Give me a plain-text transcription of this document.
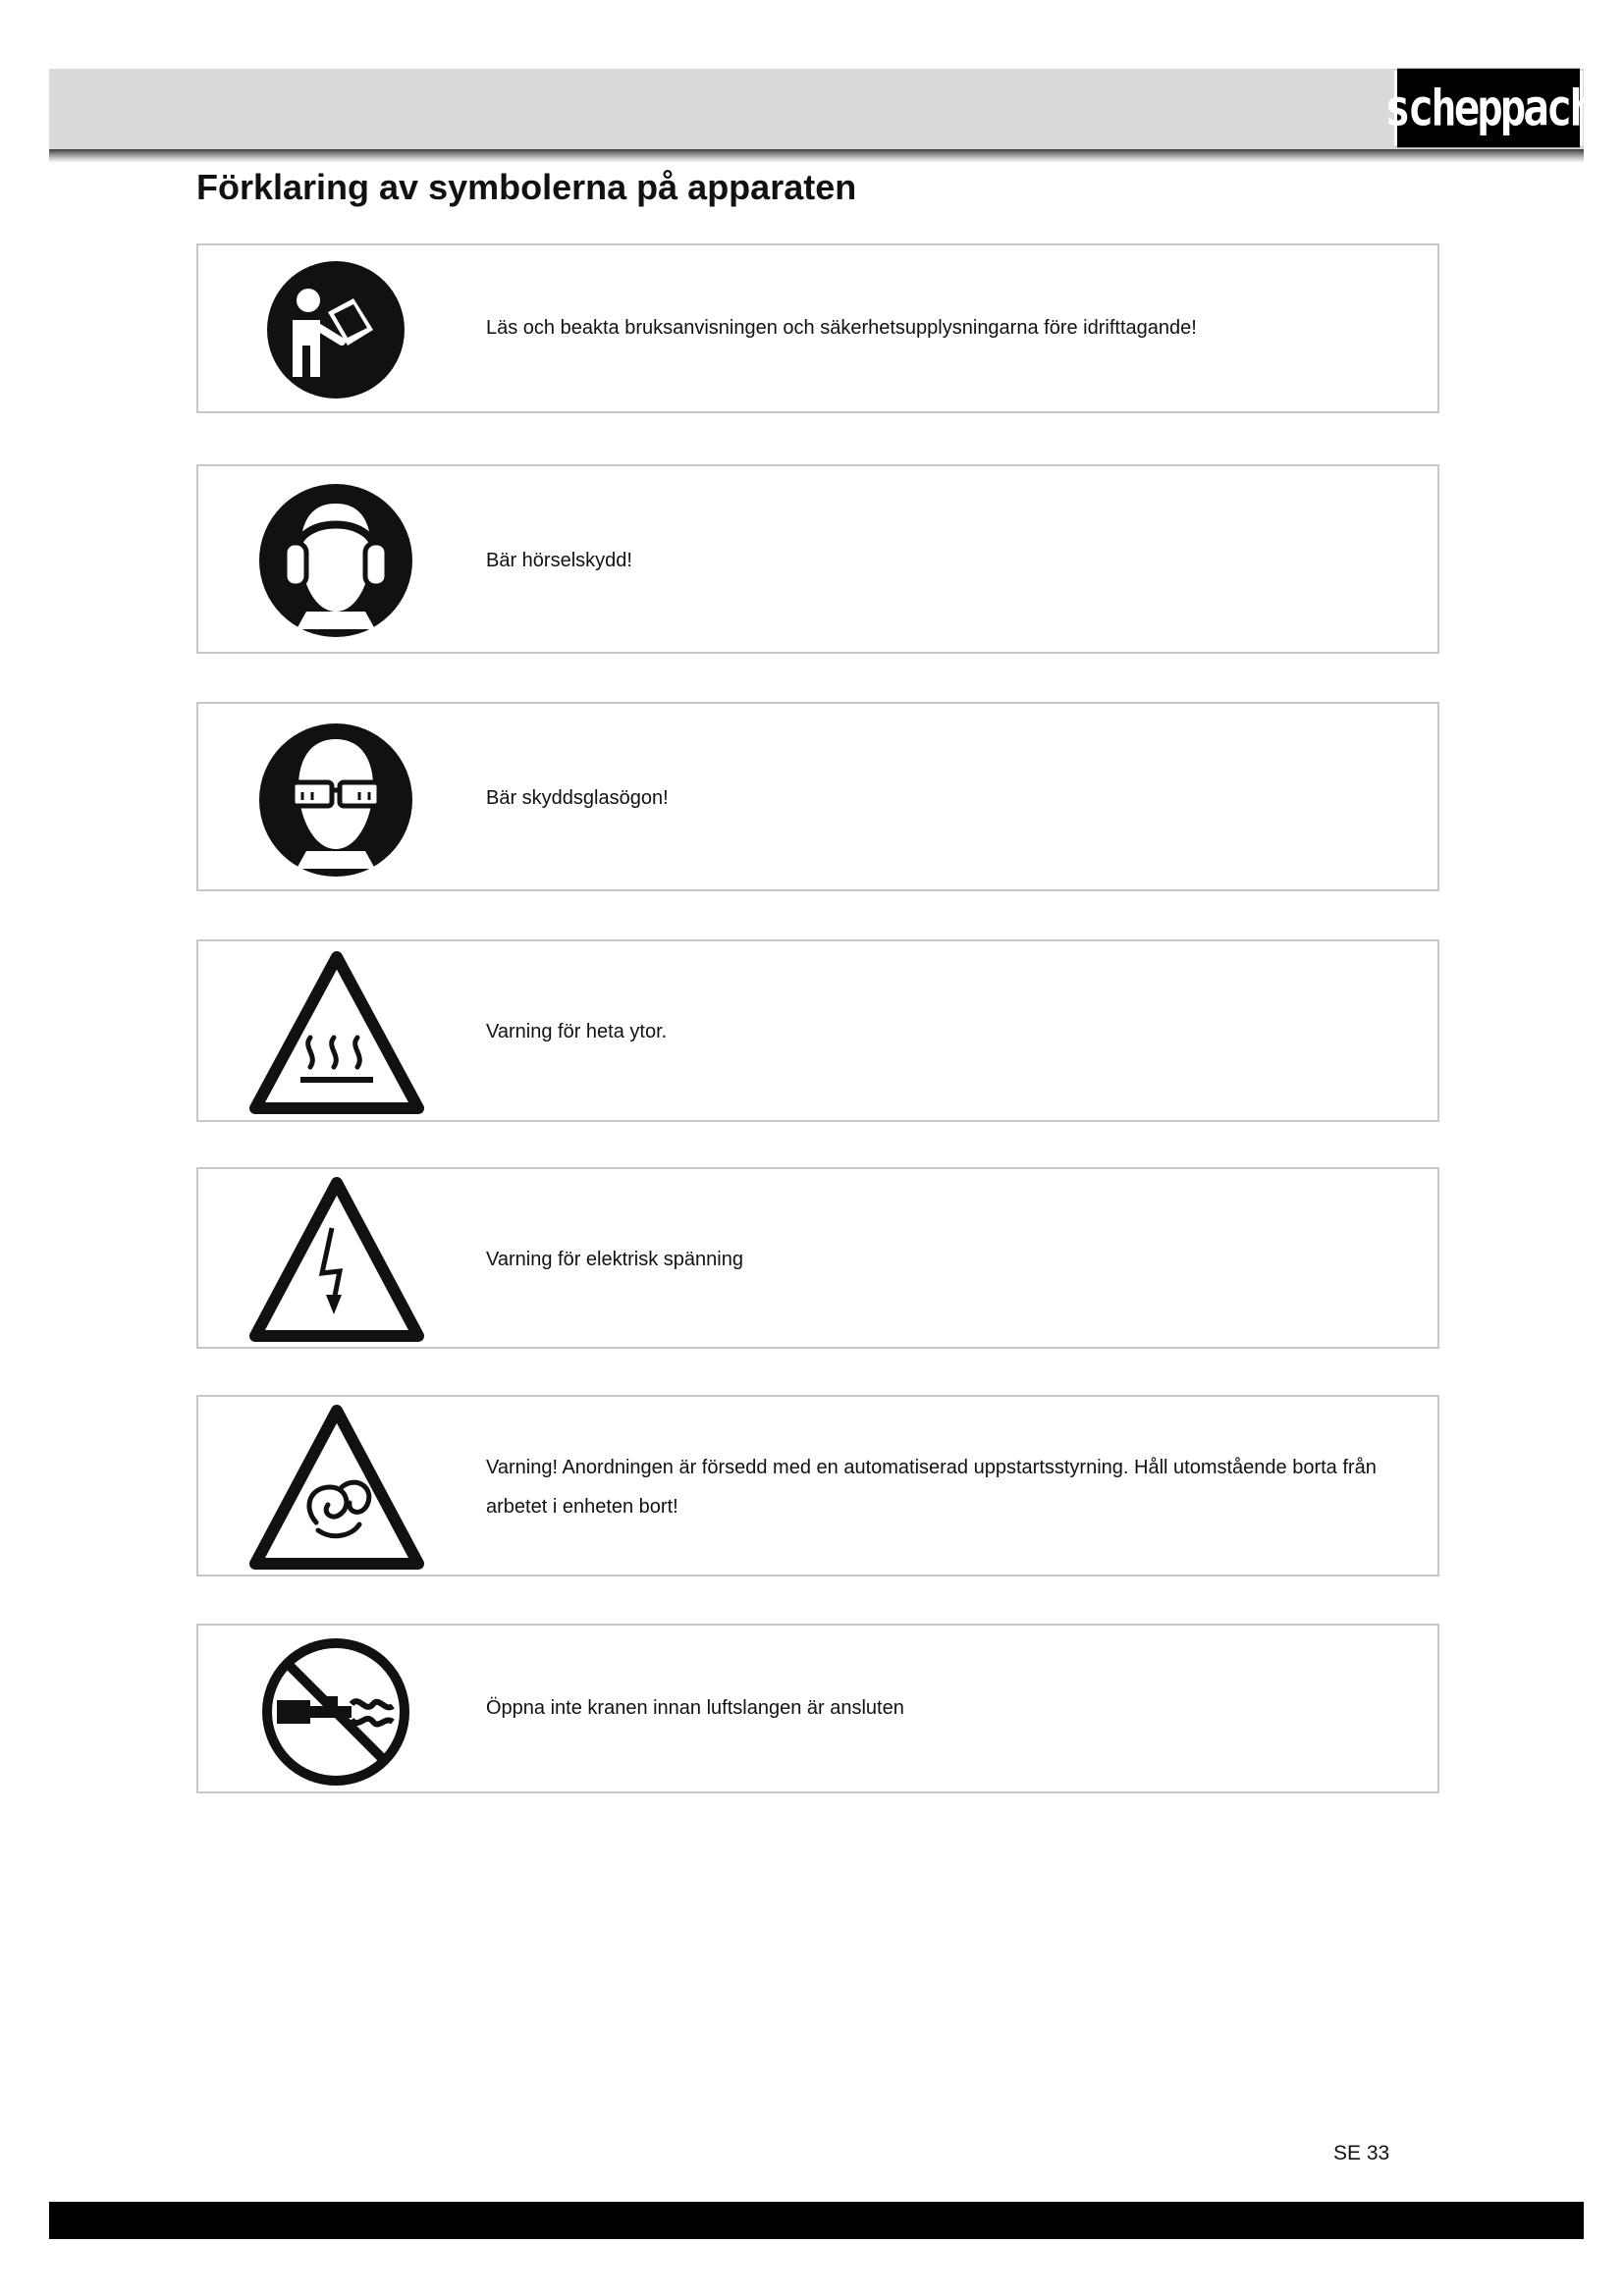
scheppach
Förklaring av symbolerna på apparaten
Läs och beakta bruksanvisningen och säkerhetsupplysningarna före idrifttagande!
Bär hörselskydd!
Bär skyddsglasögon!
Varning för heta ytor.
Varning för elektrisk spänning
Varning! Anordningen är försedd med en automatiserad uppstartsstyrning. Håll utomstående borta från arbetet i enheten bort!
Öppna inte kranen innan luftslangen är ansluten
SE 33
